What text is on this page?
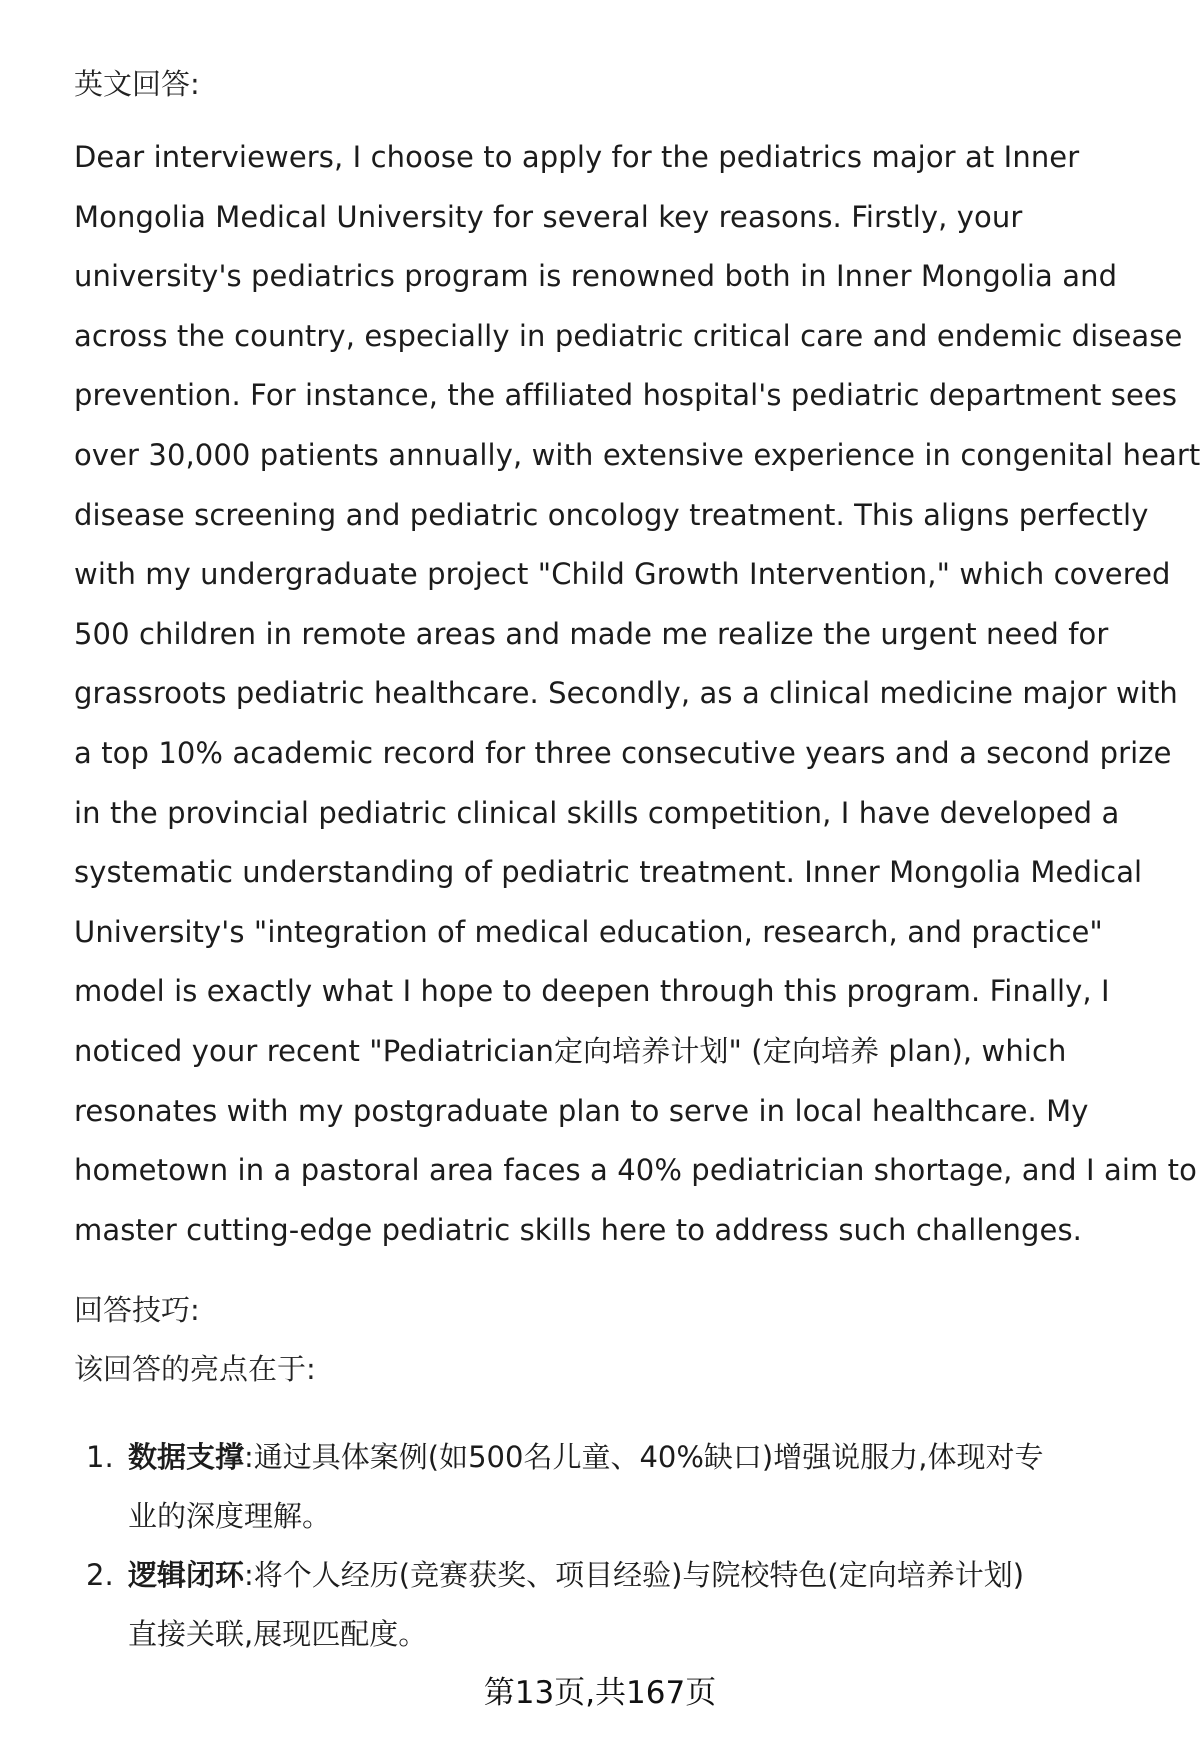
英文回答:
Dear interviewers, I choose to apply for the pediatrics major at Inner
Mongolia Medical University for several key reasons. Firstly, your
university's pediatrics program is renowned both in Inner Mongolia and
across the country, especially in pediatric critical care and endemic disease
prevention. For instance, the affiliated hospital's pediatric department sees
over 30,000 patients annually, with extensive experience in congenital heart
disease screening and pediatric oncology treatment. This aligns perfectly
with my undergraduate project "Child Growth Intervention," which covered
500 children in remote areas and made me realize the urgent need for
grassroots pediatric healthcare. Secondly, as a clinical medicine major with
a top 10% academic record for three consecutive years and a second prize
in the provincial pediatric clinical skills competition, I have developed a
systematic understanding of pediatric treatment. Inner Mongolia Medical
University's "integration of medical education, research, and practice"
model is exactly what I hope to deepen through this program. Finally, I
noticed your recent "Pediatrician定向培养计划" (定向培养 plan), which
resonates with my postgraduate plan to serve in local healthcare. My
hometown in a pastoral area faces a 40% pediatrician shortage, and I aim to
master cutting-edge pediatric skills here to address such challenges.
回答技巧:
该回答的亮点在于:
1. 数据支撑:通过具体案例(如500名儿童、40%缺口)增强说服力,体现对专
业的深度理解。
2. 逻辑闭环:将个人经历(竞赛获奖、项目经验)与院校特色(定向培养计划)
直接关联,展现匹配度。
第13页,共167页
